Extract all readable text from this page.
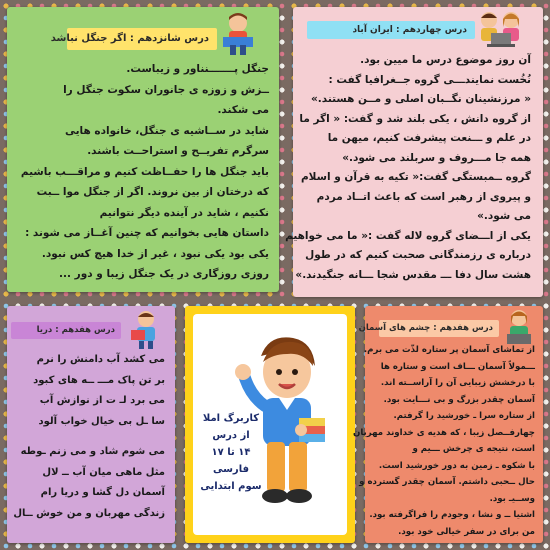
درس شانزدهم : اگر جنگل نباشد
جنگل پـــــــنناور و زیباست.
ــزش و زوزه ی جانوران سکوت جنگل را
می شکند.
شاید در ســاشیه ی جنگل، خانواده هایی
سرگرم تفریــح و استراحــت باشند.
باید جنگل ها را حفــاظت کنیم و مراقـــب باشیم
که درختان از بین نروند. اگر از جنگل موا ــبت
نکنیم ، شاید در آینده دیگر نتوانیم
داستان هایی بخوانیم که چنین آغــاز می شوند :
یکی بود یکی نبود ، غیر از خدا هیچ کس نبود.
روزی روزگاری در یک جنگل زیبا و دور ...
درس چهاردهم : ایران آباد
آن روز موضوع درس ما میین بود.
نُخُست نمایندـــی گروه جــغرافیا گفت :
« مرزنشینان نگــبان اصلی و مــن هستند.»
از گروه دانش ، یکی بلند شد و گفت: « اگر ما
در علم و ـــنعت پیشرفت کنیم، میهن ما
همه جا مـــروف و سربلند می شود.»
گروه ــمبستگی گفت:« تکیه به قرآن و اسلام
و پیروی از رهبر است که باعث اتــاد مردم
می شود.»
یکی از اـــضای گروه لاله گفت :« ما می خواهیم
درباره ی رزمندگانی صحبت کنیم که در طول
هشت سال دفا ـــ مقدس شجا ـــانه جنگیدند.»
درس هفدهم : دریا
می کشد آب دامنش را نرم
بر تن پاک مـــ ــه های کبود
می برد لـ ت از نوازش آب
سا ـل بی خیال خواب آلود
می شوم شاد و می زنم ـوطه
مثل ماهی میان آب ــ لال
آسمان دل گشا و دریا رام
زندگی مهربان و من خوش ــال
کاربرگ املا
از درس
۱۴ تا ۱۷
فارسی
سوم ابتدایی
درس هفدهم : چشم های آسمان
از تماشای آسمان پر ستاره لذّت می برم.
ـــمولاً آسمان ـــاف است و ستاره ها
با درخشش زیبایی آن را آراســته اند.
آسمان چقدر بزرگ و بی نـــایت بود.
از ستاره سرا ـ خورشید را گرفتم.
چهارفــصل زیبا ، که هدیه ی خداوند مهربان
است، نتیجه ی چرخش ـــیم و
با شکوه ـ زمین به دور خورشید است.
حال ــحبی داشتم. آسمان چقدر گسترده و
وســیـ بود.
اشتیا ــ و نشا ، وجودم را فراگرفته بود.
من برای در سفر خیالی خود بود.
